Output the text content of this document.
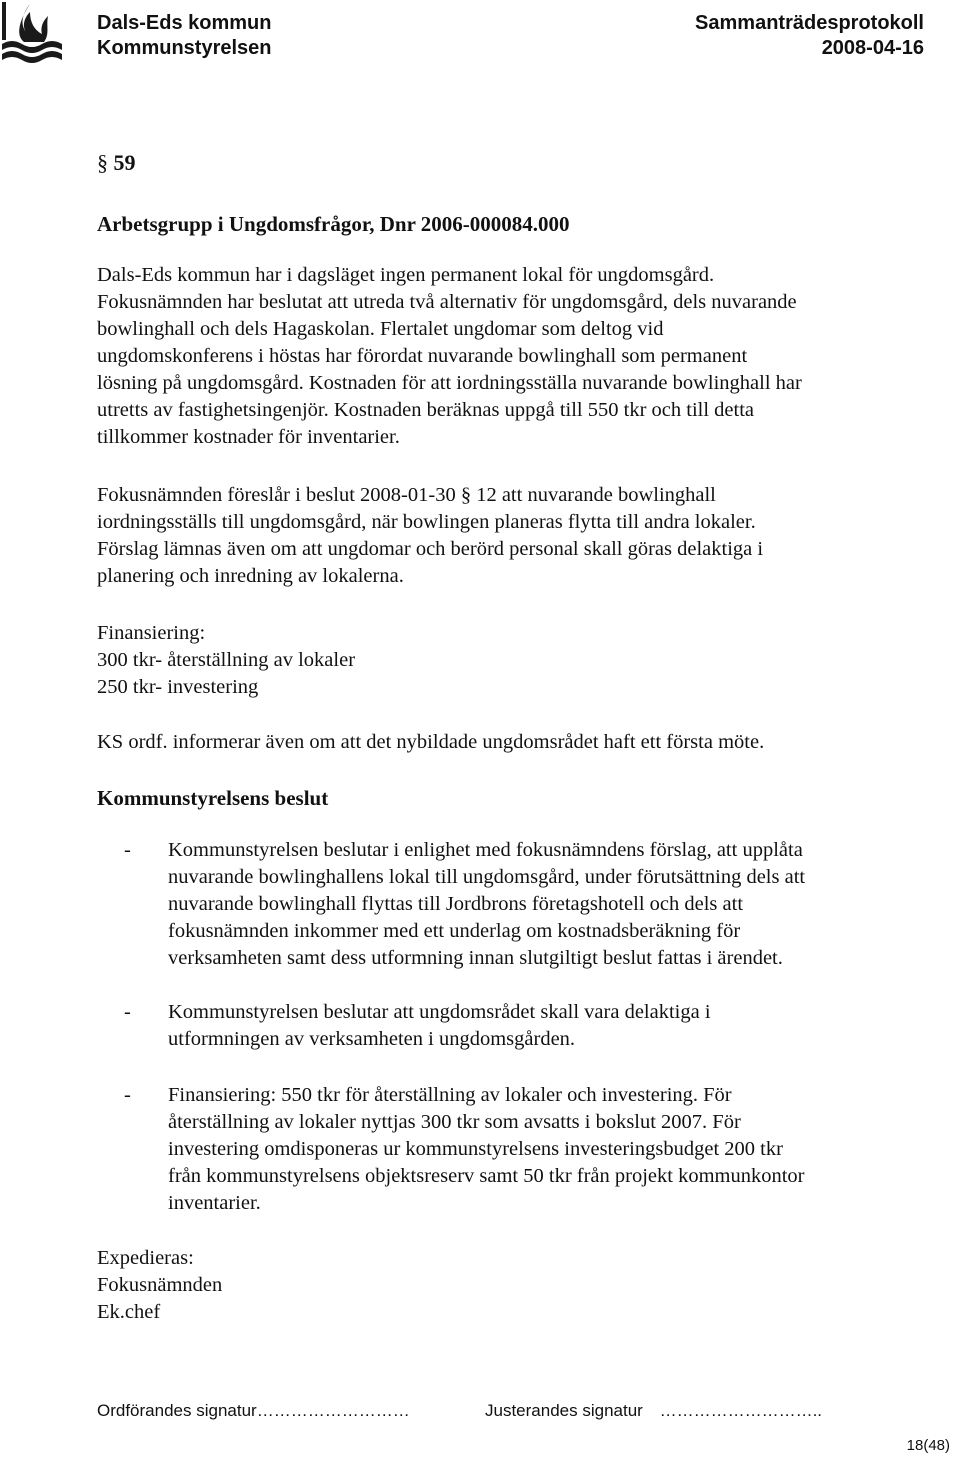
Dals-Eds kommun
Kommunstyrelsen
Sammanträdesprotokoll
2008-04-16
§ 59
Arbetsgrupp i Ungdomsfrågor, Dnr 2006-000084.000
Dals-Eds kommun har i dagsläget ingen permanent lokal för ungdomsgård.
Fokusnämnden har beslutat att utreda två alternativ för ungdomsgård, dels nuvarande
bowlinghall och dels Hagaskolan. Flertalet ungdomar som deltog vid
ungdomskonferens i höstas har förordat nuvarande bowlinghall som permanent
lösning på ungdomsgård. Kostnaden för att iordningsställa nuvarande bowlinghall har
utretts av fastighetsingenjör. Kostnaden beräknas uppgå till 550 tkr och till detta
tillkommer kostnader för inventarier.
Fokusnämnden föreslår i beslut 2008-01-30 § 12 att nuvarande bowlinghall
iordningsställs till ungdomsgård, när bowlingen planeras flytta till andra lokaler.
Förslag lämnas även om att ungdomar och berörd personal skall göras delaktiga i
planering och inredning av lokalerna.
Finansiering:
300 tkr- återställning av lokaler
250 tkr- investering
KS ordf. informerar även om att det nybildade ungdomsrådet haft ett första möte.
Kommunstyrelsens beslut
- Kommunstyrelsen beslutar i enlighet med fokusnämndens förslag, att upplåta
nuvarande bowlinghallens lokal till ungdomsgård, under förutsättning dels att
nuvarande bowlinghall flyttas till Jordbrons företagshotell och dels att
fokusnämnden inkommer med ett underlag om kostnadsberäkning för
verksamheten samt dess utformning innan slutgiltigt beslut fattas i ärendet.
- Kommunstyrelsen beslutar att ungdomsrådet skall vara delaktiga i
utformningen av verksamheten i ungdomsgården.
- Finansiering: 550 tkr för återställning av lokaler och investering. För
återställning av lokaler nyttjas 300 tkr som avsatts i bokslut 2007. För
investering omdisponeras ur kommunstyrelsens investeringsbudget 200 tkr
från kommunstyrelsens objektsreserv samt 50 tkr från projekt kommunkontor
inventarier.
Expedieras:
Fokusnämnden
Ek.chef
Ordförandes signatur………………………	Justerandes signatur ………………………..
18(48)
